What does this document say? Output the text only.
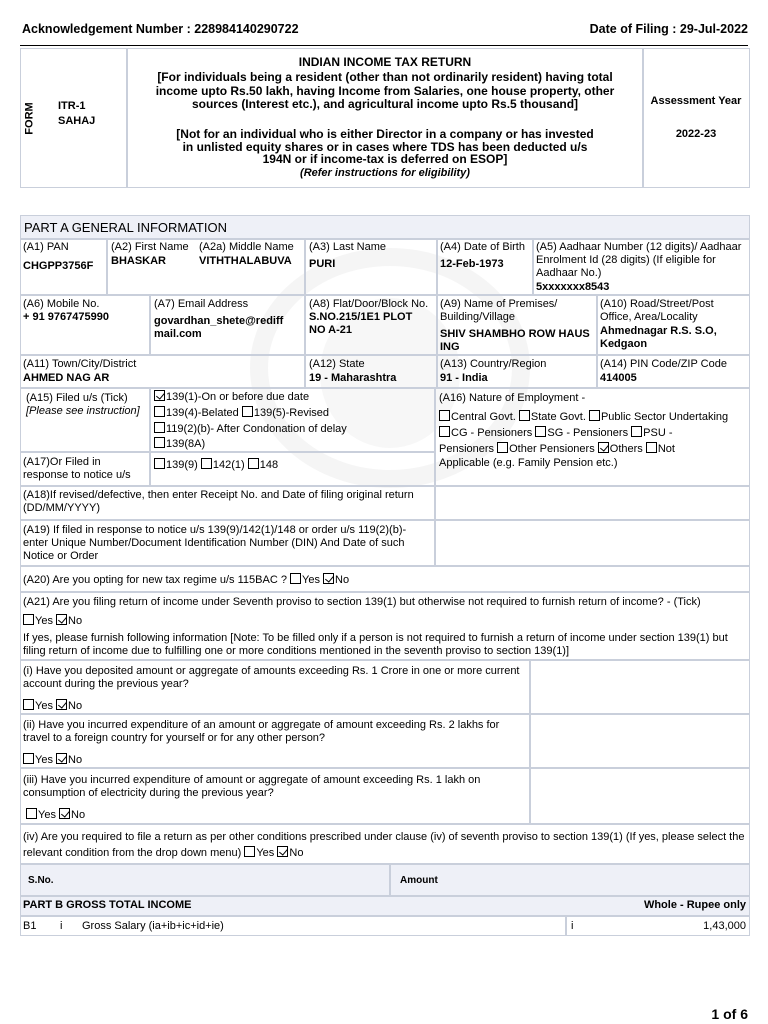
Acknowledgement Number : 228984140290722	Date of Filing : 29-Jul-2022
FORM ITR-1
SAHAJ
INDIAN INCOME TAX RETURN
[For individuals being a resident (other than not ordinarily resident) having total income upto Rs.50 lakh, having Income from Salaries, one house property, other sources (Interest etc.), and agricultural income upto Rs.5 thousand]
[Not for an individual who is either Director in a company or has invested in unlisted equity shares or in cases where TDS has been deducted u/s 194N or if income-tax is deferred on ESOP]
(Refer instructions for eligibility)
Assessment Year
2022-23
PART A GENERAL INFORMATION
(A1) PAN
CHGPP3756F
(A2) First Name
BHASKAR
(A2a) Middle Name
VITHTHALABUVA
(A3) Last Name
PURI
(A4) Date of Birth
12-Feb-1973
(A5) Aadhaar Number (12 digits)/ Aadhaar Enrolment Id (28 digits) (If eligible for Aadhaar No.)
5xxxxxxx8543
(A6) Mobile No.
+ 91 9767475990
(A7) Email Address
govardhan_shete@rediffmail.com
(A8) Flat/Door/Block No.
S.NO.215/1E1 PLOT NO A-21
(A9) Name of Premises/ Building/Village
SHIV SHAMBHO ROW HAUSING
(A10) Road/Street/Post Office, Area/Locality
Ahmednagar R.S. S.O, Kedgaon
(A11) Town/City/District
AHMED NAG AR
(A12) State
19 - Maharashtra
(A13) Country/Region
91 - India
(A14) PIN Code/ZIP Code
414005
(A15) Filed u/s (Tick)
[Please see instruction]
139(1)-On or before due date
139(4)-Belated 139(5)-Revised
119(2)(b)- After Condonation of delay
139(8A)
(A16) Nature of Employment -
Central Govt. State Govt. Public Sector Undertaking
CG - Pensioners SG - Pensioners PSU -
Pensioners Other Pensioners Others Not
Applicable (e.g. Family Pension etc.)
(A17)Or Filed in response to notice u/s
139(9) 142(1) 148
(A18)If revised/defective, then enter Receipt No. and Date of filing original return (DD/MM/YYYY)
(A19) If filed in response to notice u/s 139(9)/142(1)/148 or order u/s 119(2)(b)- enter Unique Number/Document Identification Number (DIN) And Date of such Notice or Order
(A20) Are you opting for new tax regime u/s 115BAC ? Yes No
(A21) Are you filing return of income under Seventh proviso to section 139(1) but otherwise not required to furnish return of income? - (Tick)
Yes No
If yes, please furnish following information [Note: To be filled only if a person is not required to furnish a return of income under section 139(1) but filing return of income due to fulfilling one or more conditions mentioned in the seventh proviso to section 139(1)]
(i) Have you deposited amount or aggregate of amounts exceeding Rs. 1 Crore in one or more current account during the previous year?
Yes No
(ii) Have you incurred expenditure of an amount or aggregate of amount exceeding Rs. 2 lakhs for travel to a foreign country for yourself or for any other person?
Yes No
(iii) Have you incurred expenditure of amount or aggregate of amount exceeding Rs. 1 lakh on consumption of electricity during the previous year?
Yes No
(iv) Are you required to file a return as per other conditions prescribed under clause (iv) of seventh proviso to section 139(1) (If yes, please select the relevant condition from the drop down menu) Yes No
S.No.	Amount
PART B GROSS TOTAL INCOME	Whole - Rupee only
B1 i Gross Salary (ia+ib+ic+id+ie)	i	1,43,000
1 of 6
